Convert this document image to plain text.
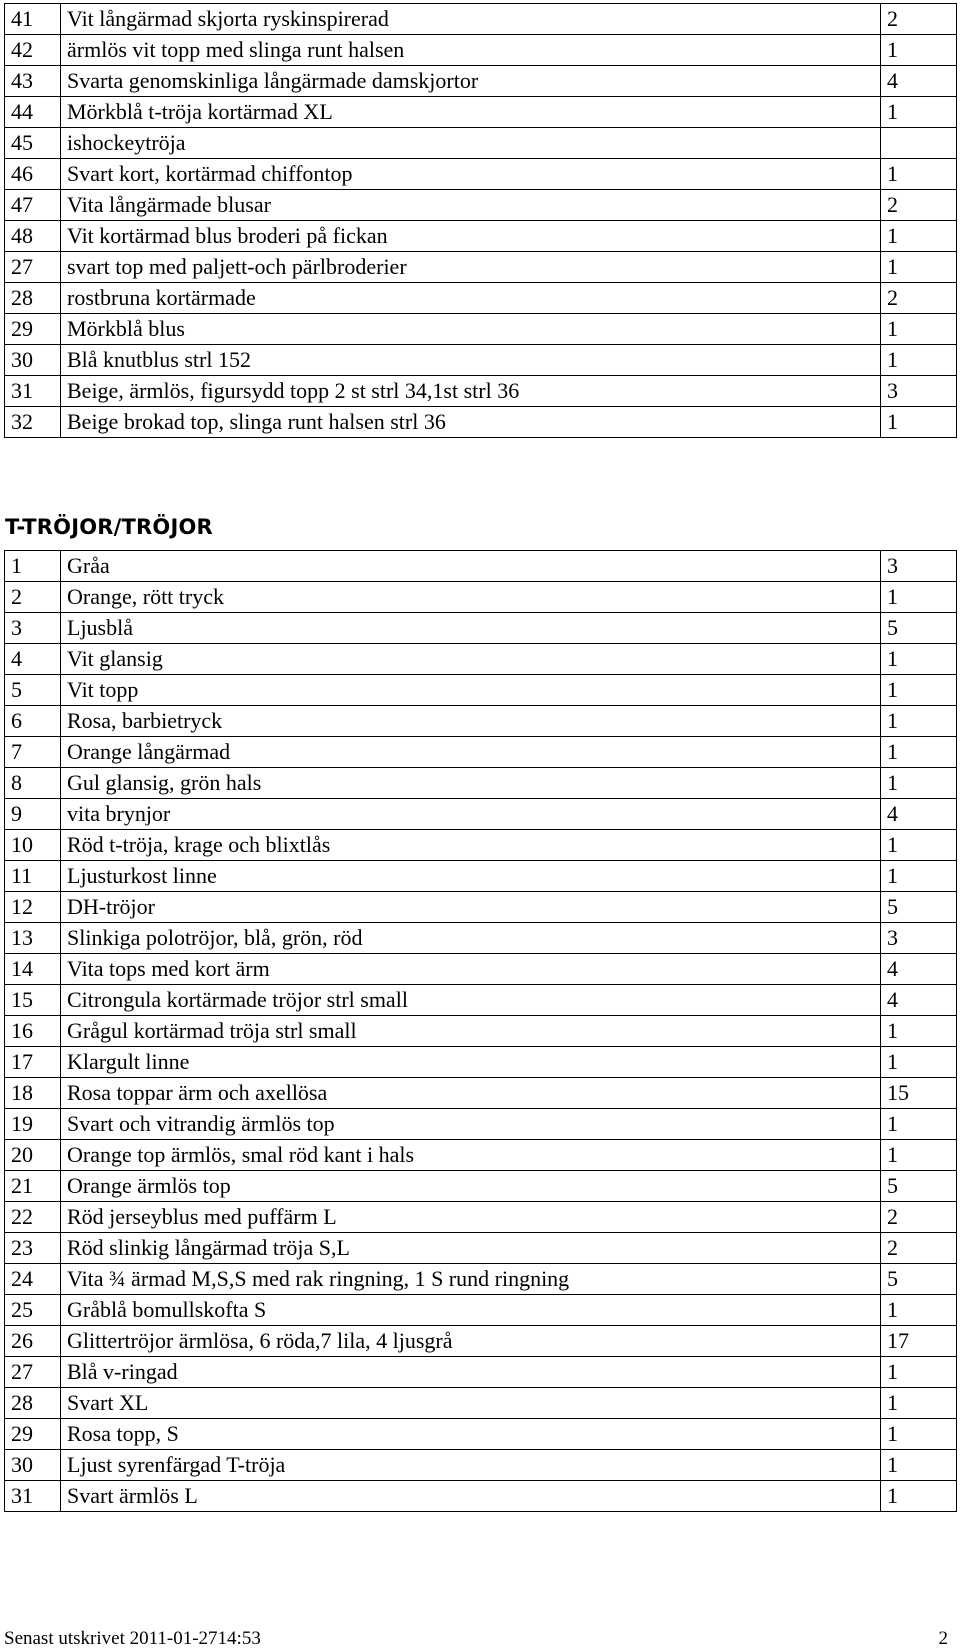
41	Vit långärmad skjorta ryskinspirerad	2
42	ärmlös vit topp med slinga runt halsen	1
43	Svarta genomskinliga långärmade damskjortor	4
44	Mörkblå t-tröja kortärmad XL	1
45	ishockeytröja	
46	Svart kort, kortärmad chiffontop	1
47	Vita långärmade blusar	2
48	Vit kortärmad blus broderi på fickan	1
27	svart top med paljett-och pärlbroderier	1
28	rostbruna kortärmade	2
29	Mörkblå blus	1
30	Blå knutblus strl 152	1
31	Beige, ärmlös, figursydd topp 2 st strl 34,1st strl 36	3
32	Beige brokad top, slinga runt halsen strl 36	1
T-TRÖJOR/TRÖJOR
1	Gråa	3
2	Orange, rött tryck	1
3	Ljusblå	5
4	Vit glansig	1
5	Vit topp	1
6	Rosa, barbietryck	1
7	Orange långärmad	1
8	Gul glansig, grön hals	1
9	vita brynjor	4
10	Röd t-tröja, krage och blixtlås	1
11	Ljusturkost linne	1
12	DH-tröjor	5
13	Slinkiga polotröjor, blå, grön, röd	3
14	Vita tops med kort ärm	4
15	Citrongula kortärmade tröjor strl small	4
16	Grågul kortärmad tröja strl small	1
17	Klargult linne	1
18	Rosa toppar ärm och axellösa	15
19	Svart och vitrandig ärmlös top	1
20	Orange top ärmlös, smal röd kant i hals	1
21	Orange ärmlös top	5
22	Röd jerseyblus med puffärm L	2
23	Röd slinkig långärmad tröja S,L	2
24	Vita ¾ ärmad M,S,S med rak ringning, 1 S rund ringning	5
25	Gråblå bomullskofta S	1
26	Glittertröjor ärmlösa, 6 röda,7 lila, 4 ljusgrå	17
27	Blå v-ringad	1
28	Svart XL	1
29	Rosa topp, S	1
30	Ljust syrenfärgad T-tröja	1
31	Svart ärmlös L	1
Senast utskrivet 2011-01-2714:53	2
